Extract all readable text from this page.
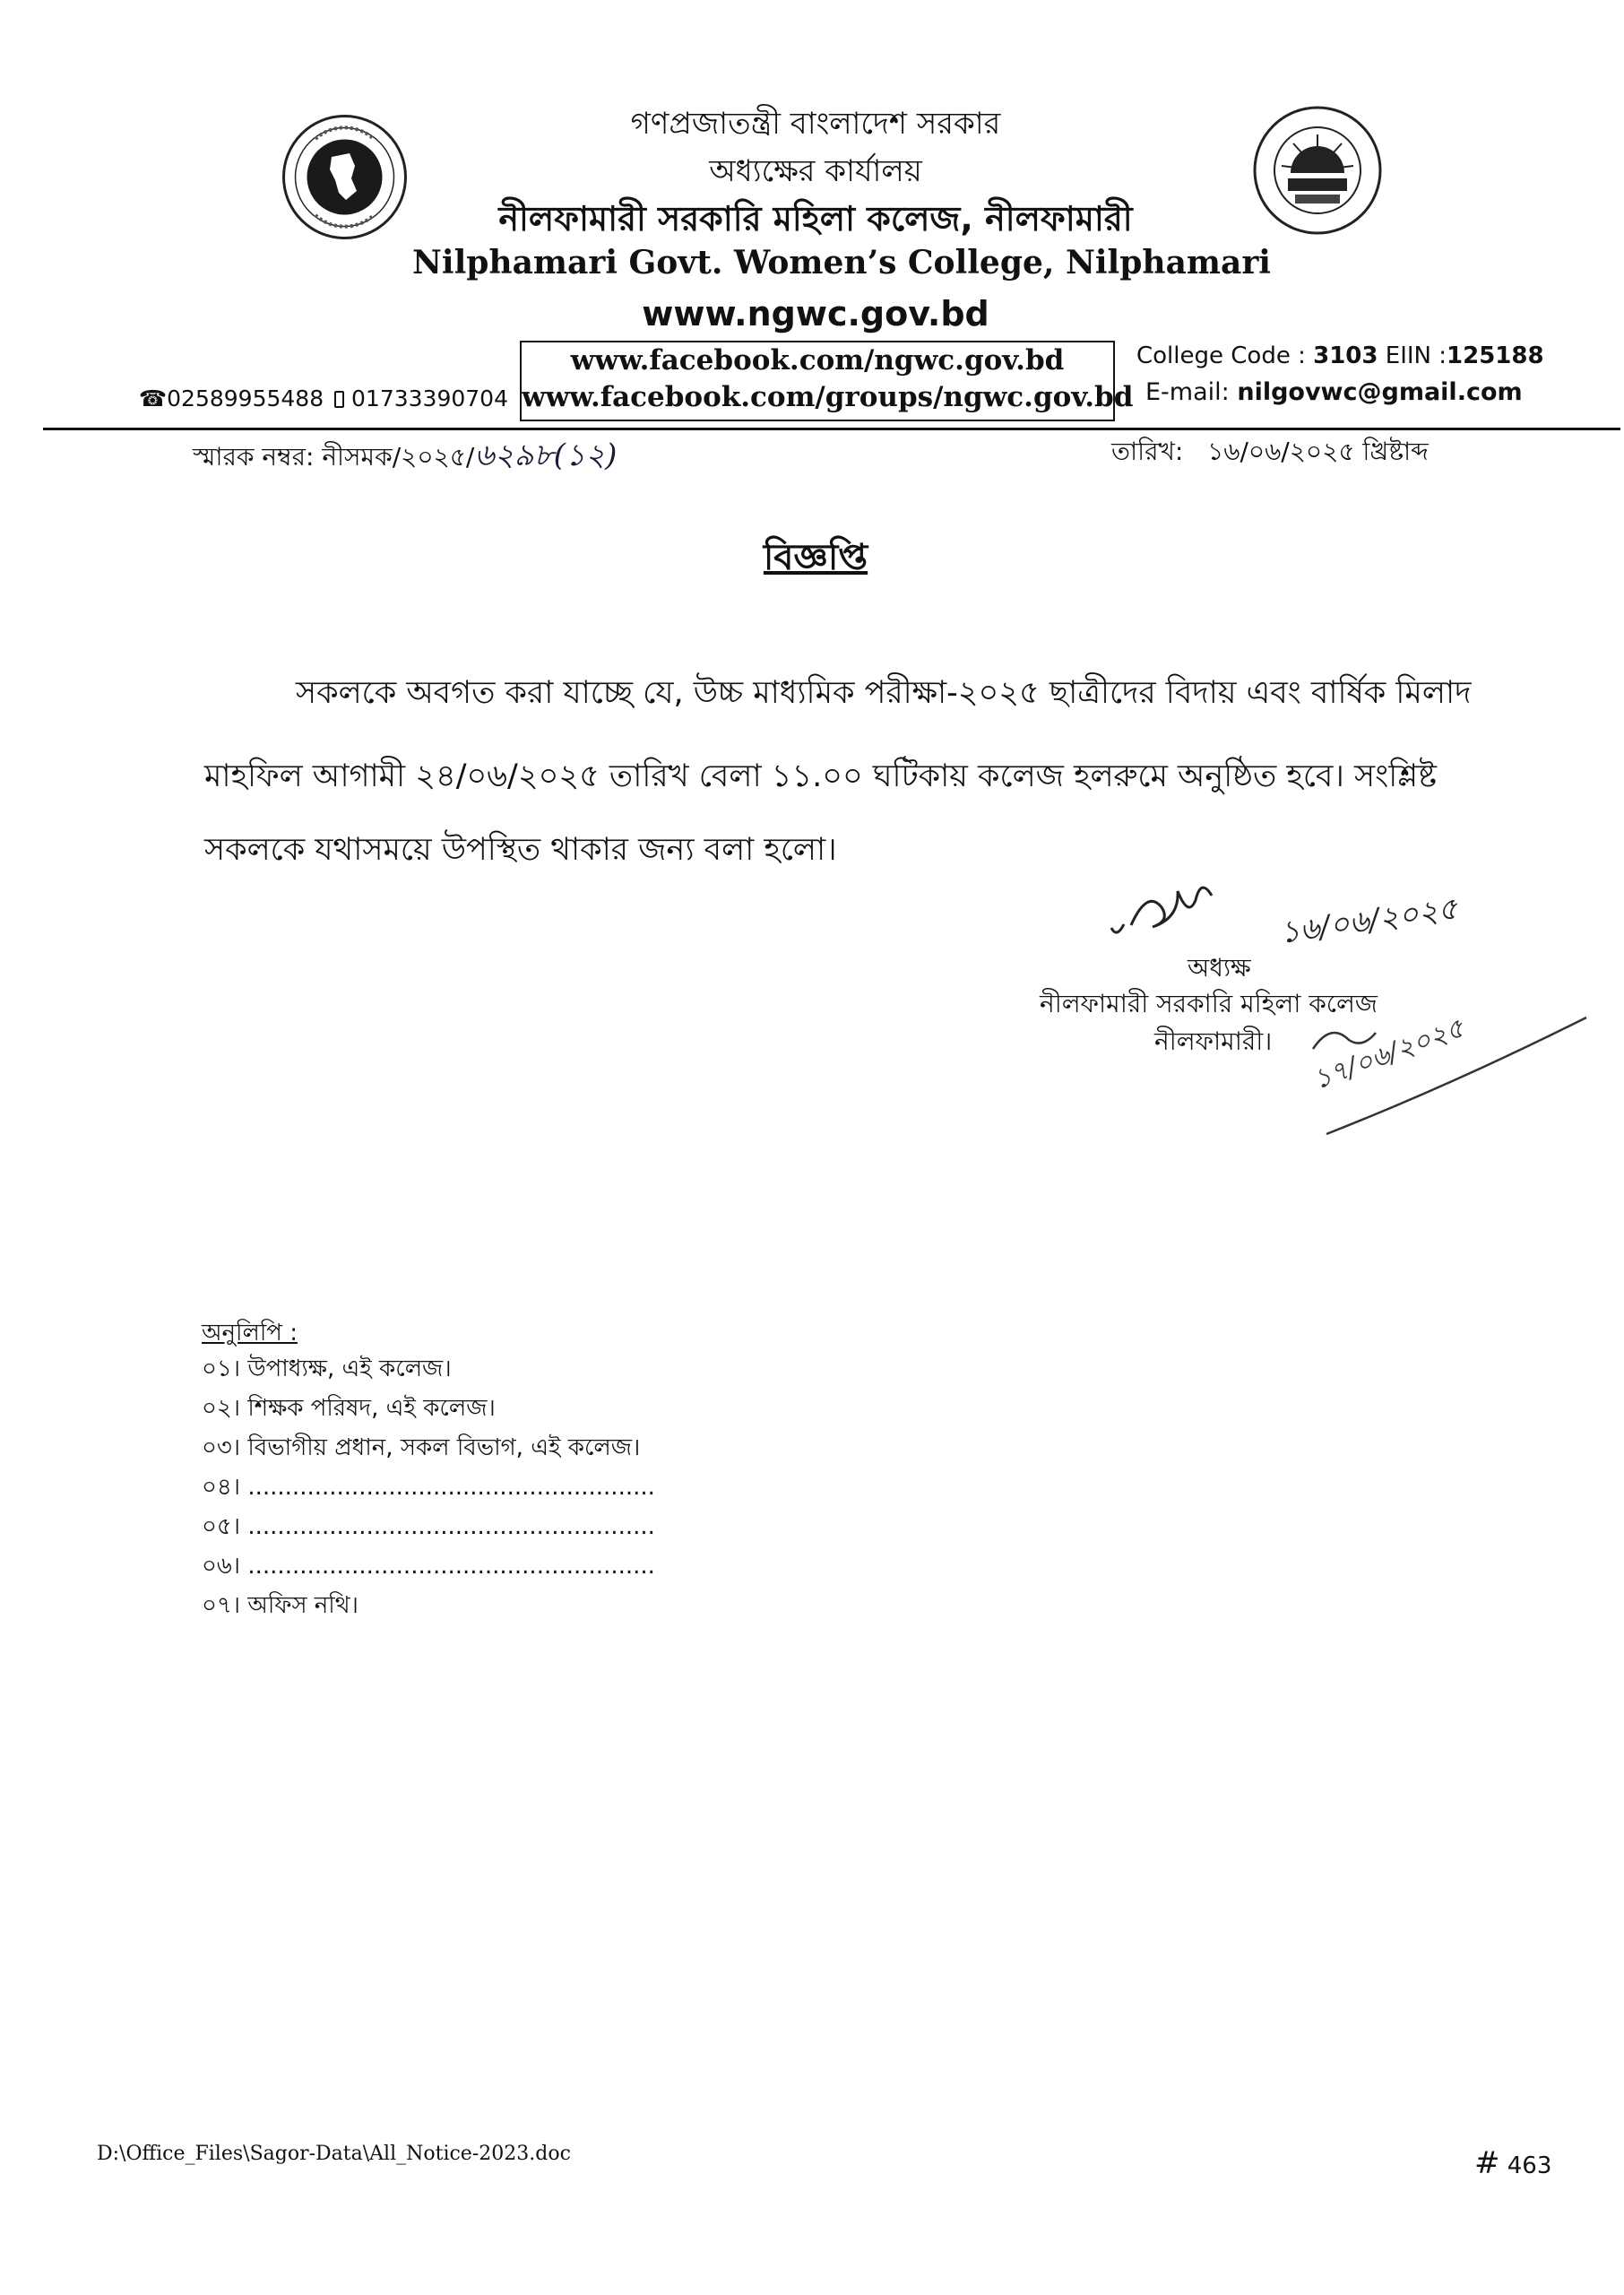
গণপ্রজাতন্ত্রী বাংলাদেশ সরকার
অধ্যক্ষের কার্যালয়
নীলফামারী সরকারি মহিলা কলেজ, নীলফামারী
Nilphamari Govt. Women’s College, Nilphamari
www.ngwc.gov.bd
www.facebook.com/ngwc.gov.bd
www.facebook.com/groups/ngwc.gov.bd
☎02589955488 01733390704
College Code : 3103 EIIN :125188
E-mail: nilgovwc@gmail.com
স্মারক নম্বর: নীসমক/২০২৫/৬২৯৮(১২)	তারিখ: ১৬/০৬/২০২৫ খ্রিষ্টাব্দ
বিজ্ঞপ্তি
সকলকে অবগত করা যাচ্ছে যে, উচ্চ মাধ্যমিক পরীক্ষা-২০২৫ ছাত্রীদের বিদায় এবং বার্ষিক মিলাদ
মাহফিল আগামী ২৪/০৬/২০২৫ তারিখ বেলা ১১.০০ ঘটিকায় কলেজ হলরুমে অনুষ্ঠিত হবে। সংশ্লিষ্ট
সকলকে যথাসময়ে উপস্থিত থাকার জন্য বলা হলো।
১৬/০৬/২০২৫
১৭/০৬/২০২৫
অধ্যক্ষ
নীলফামারী সরকারি মহিলা কলেজ
নীলফামারী।
অনুলিপি :
০১। উপাধ্যক্ষ, এই কলেজ।
০২। শিক্ষক পরিষদ, এই কলেজ।
০৩। বিভাগীয় প্রধান, সকল বিভাগ, এই কলেজ।
০৪। .......................................................
০৫। .......................................................
০৬। .......................................................
০৭। অফিস নথি।
D:\Office_Files\Sagor-Data\All_Notice-2023.doc	# 463
